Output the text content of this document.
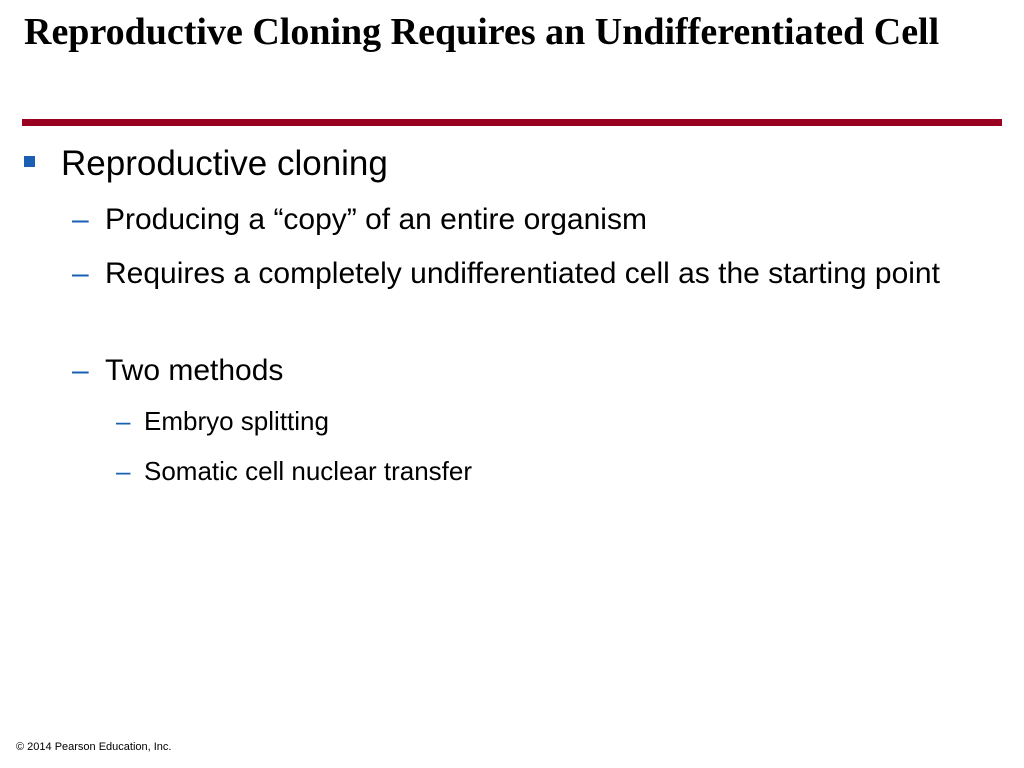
Reproductive Cloning Requires an Undifferentiated Cell
Reproductive cloning
– Producing a “copy” of an entire organism
– Requires a completely undifferentiated cell as the starting point
– Two methods
– Embryo splitting
– Somatic cell nuclear transfer
© 2014 Pearson Education, Inc.
